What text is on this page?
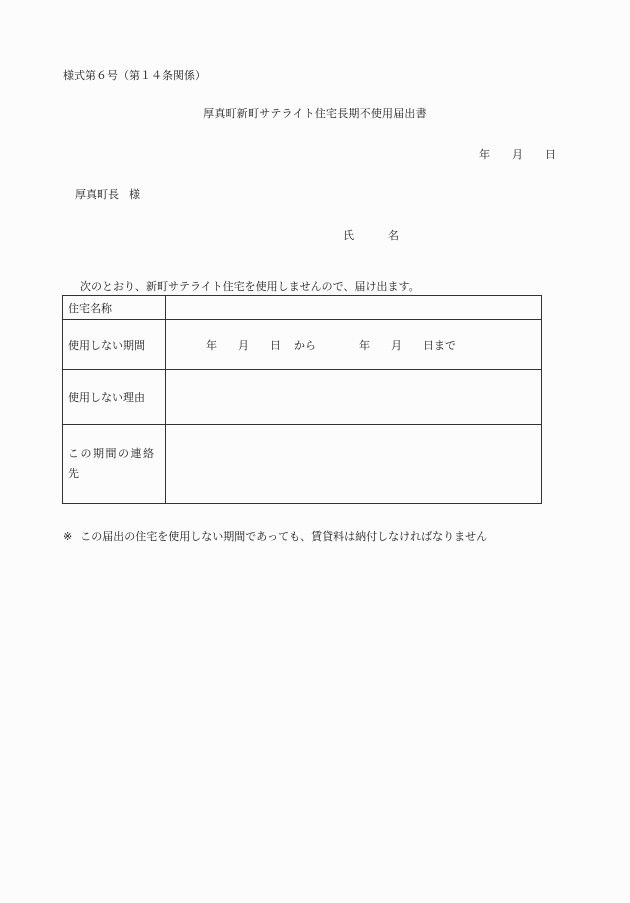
様式第６号（第１４条関係）
厚真町新町サテライト住宅長期不使用届出書
年 月 日
厚真町長 様
氏	名
次のとおり、新町サテライト住宅を使用しませんので、届け出ます。
住宅名称	
使用しない期間	年 月 日 から 年 月 日まで

使用しない理由	
この期間の連絡先	
※ この届出の住宅を使用しない期間であっても、賃貸料は納付しなければなりません
